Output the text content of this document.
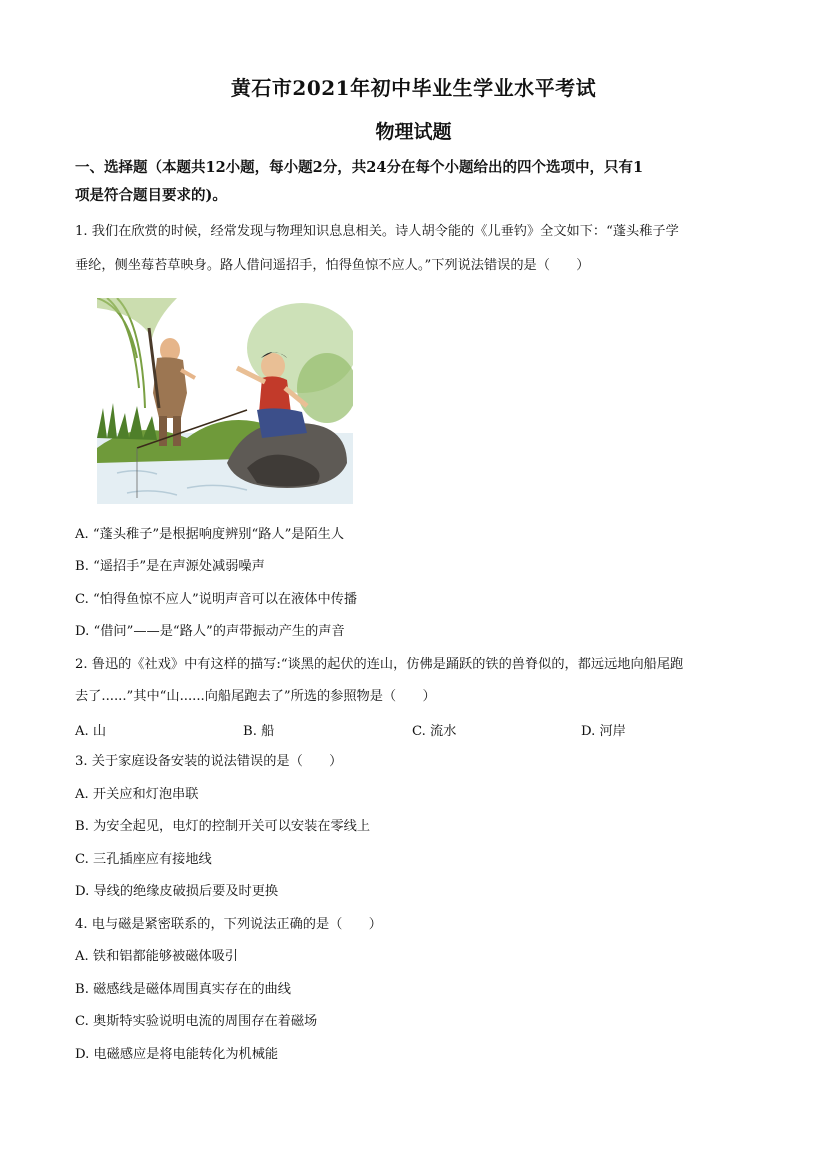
黄石市2021年初中毕业生学业水平考试
物理试题
一、选择题（本题共12小题，每小题2分，共24分在每个小题给出的四个选项中，只有1
项是符合题目要求的)。
1. 我们在欣赏的时候，经常发现与物理知识息息相关。诗人胡令能的《儿垂钓》全文如下：“蓬头稚子学
垂纶，侧坐莓苔草映身。路人借问遥招手，怕得鱼惊不应人。”下列说法错误的是（　　）
A. “蓬头稚子”是根据响度辨别“路人”是陌生人
B. “遥招手”是在声源处减弱噪声
C. “怕得鱼惊不应人”说明声音可以在液体中传播
D. “借问”——是“路人”的声带振动产生的声音
2. 鲁迅的《社戏》中有这样的描写:“谈黑的起伏的连山，仿佛是踊跃的铁的兽脊似的，都远远地向船尾跑
去了......”其中“山......向船尾跑去了”所选的参照物是（　　）
A. 山	B. 船	C. 流水	D. 河岸
3. 关于家庭设备安装的说法错误的是（　　）
A. 开关应和灯泡串联
B. 为安全起见，电灯的控制开关可以安装在零线上
C. 三孔插座应有接地线
D. 导线的绝缘皮破损后要及时更换
4. 电与磁是紧密联系的，下列说法正确的是（　　）
A. 铁和铝都能够被磁体吸引
B. 磁感线是磁体周围真实存在的曲线
C. 奥斯特实验说明电流的周围存在着磁场
D. 电磁感应是将电能转化为机械能
